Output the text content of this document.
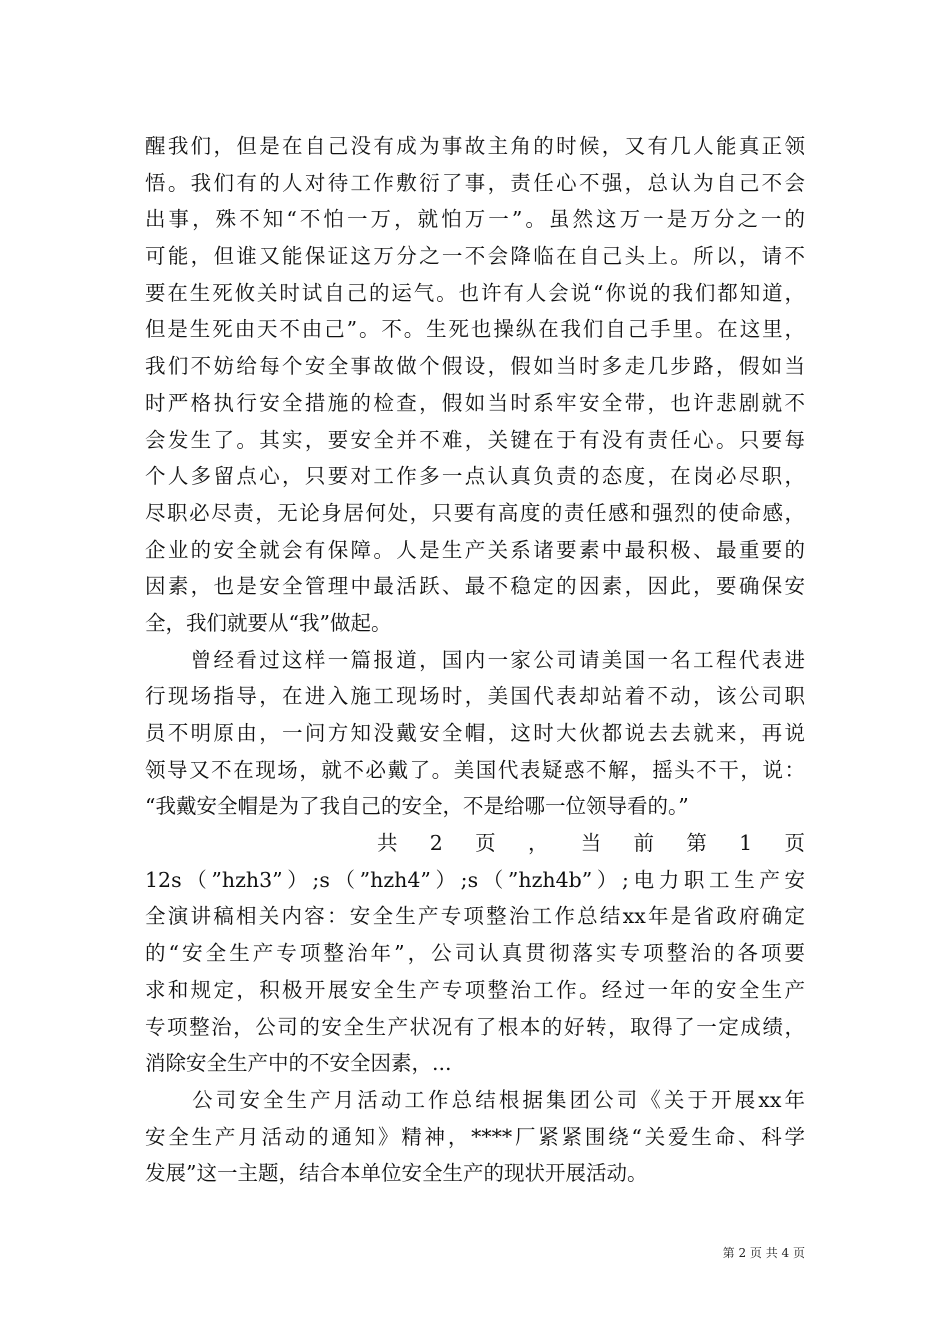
醒我们，但是在自己没有成为事故主角的时候，又有几人能真正领
悟。我们有的人对待工作敷衍了事，责任心不强，总认为自己不会
出事，殊不知“不怕一万，就怕万一”。虽然这万一是万分之一的
可能，但谁又能保证这万分之一不会降临在自己头上。所以，请不
要在生死攸关时试自己的运气。也许有人会说“你说的我们都知道，
但是生死由天不由己”。不。生死也操纵在我们自己手里。在这里，
我们不妨给每个安全事故做个假设，假如当时多走几步路，假如当
时严格执行安全措施的检查，假如当时系牢安全带，也许悲剧就不
会发生了。其实，要安全并不难，关键在于有没有责任心。只要每
个人多留点心，只要对工作多一点认真负责的态度，在岗必尽职，
尽职必尽责，无论身居何处，只要有高度的责任感和强烈的使命感，
企业的安全就会有保障。人是生产关系诸要素中最积极、最重要的
因素，也是安全管理中最活跃、最不稳定的因素，因此，要确保安
全，我们就要从“我”做起。
　　曾经看过这样一篇报道，国内一家公司请美国一名工程代表进
行现场指导，在进入施工现场时，美国代表却站着不动，该公司职
员不明原由，一问方知没戴安全帽，这时大伙都说去去就来，再说
领导又不在现场，就不必戴了。美国代表疑惑不解，摇头不干，说：
“我戴安全帽是为了我自己的安全，不是给哪一位领导看的。”
共 2 页 ， 当 前 第 1 页
12s（”hzh3”）;s（”hzh4”）;s（”hzh4b”）;电力职工生产安
全演讲稿相关内容：安全生产专项整治工作总结xx年是省政府确定
的“安全生产专项整治年”，公司认真贯彻落实专项整治的各项要
求和规定，积极开展安全生产专项整治工作。经过一年的安全生产
专项整治，公司的安全生产状况有了根本的好转，取得了一定成绩，
消除安全生产中的不安全因素，...
　　公司安全生产月活动工作总结根据集团公司《关于开展xx年
安全生产月活动的通知》精神，****厂紧紧围绕“关爱生命、科学
发展”这一主题，结合本单位安全生产的现状开展活动。
第 2 页 共 4 页
